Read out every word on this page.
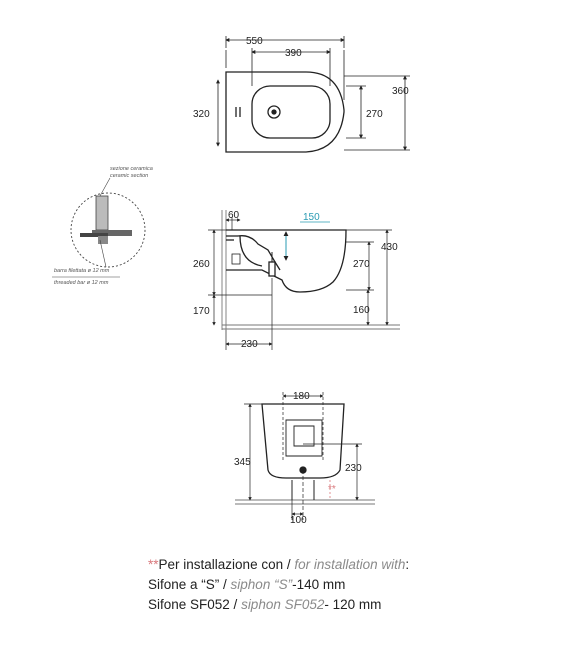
550
390
320	270
360
sezione ceramica
ceramic section
barra filettata ø 12 mm
threaded bar ø 12 mm
60	150
430
260	270
170	160
230
180
345
230
100
**
**Per installazione con / for installation with:
Sifone a “S” / siphon “S”-140 mm
Sifone SF052 / siphon SF052- 120 mm
